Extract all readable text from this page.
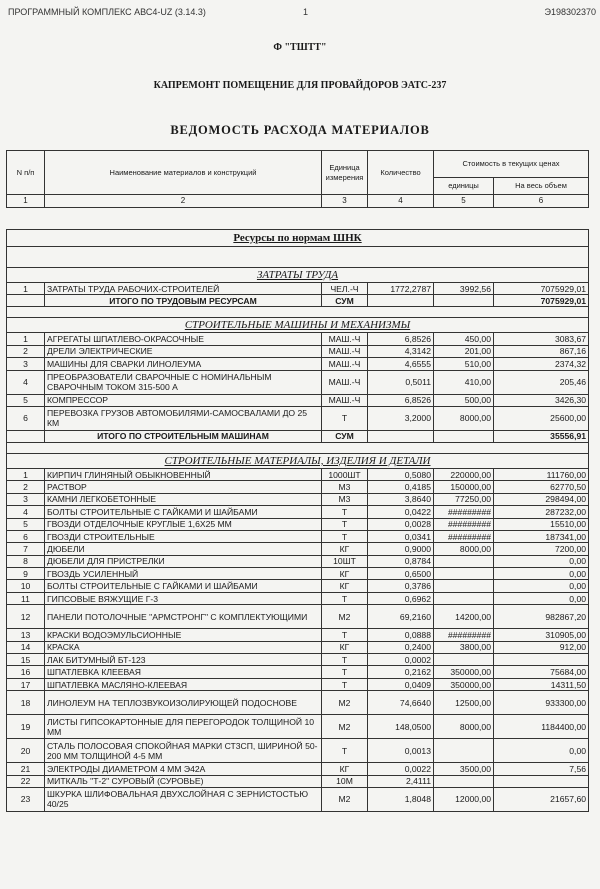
ПРОГРАММНЫЙ КОМПЛЕКС АВС4-UZ (3.14.3)	1	Э198302370
Ф "ТШТТ"
КАПРЕМОНТ ПОМЕЩЕНИЕ ДЛЯ ПРОВАЙДОРОВ ЭАТС-237
ВЕДОМОСТЬ РАСХОДА МАТЕРИАЛОВ
N п/п	Наименование материалов и конструкций	Единица измерения	Количество	Стоимость в текущих ценах	
				единицы	На весь объем
1	2	3	4	5	6
Ресурсы по нормам ШНК					

ЗАТРАТЫ ТРУДА					
1	ЗАТРАТЫ ТРУДА РАБОЧИХ-СТРОИТЕЛЕЙ	ЧЕЛ.-Ч	1772,2787	3992,56	7075929,01
	ИТОГО ПО ТРУДОВЫМ РЕСУРСАМ	СУМ			7075929,01

СТРОИТЕЛЬНЫЕ МАШИНЫ И МЕХАНИЗМЫ					
1	АГРЕГАТЫ ШПАТЛЕВО-ОКРАСОЧНЫЕ	МАШ.-Ч	6,8526	450,00	3083,67
2	ДРЕЛИ ЭЛЕКТРИЧЕСКИЕ	МАШ.-Ч	4,3142	201,00	867,16
3	МАШИНЫ ДЛЯ СВАРКИ ЛИНОЛЕУМА	МАШ.-Ч	4,6555	510,00	2374,32
4	ПРЕОБРАЗОВАТЕЛИ СВАРОЧНЫЕ С НОМИНАЛЬНЫМ СВАРОЧНЫМ ТОКОМ 315-500 А	МАШ.-Ч	0,5011	410,00	205,46
5	КОМПРЕССОР	МАШ.-Ч	6,8526	500,00	3426,30
6	ПЕРЕВОЗКА ГРУЗОВ АВТОМОБИЛЯМИ-САМОСВАЛАМИ ДО 25 КМ	Т	3,2000	8000,00	25600,00
	ИТОГО ПО СТРОИТЕЛЬНЫМ МАШИНАМ	СУМ			35556,91

СТРОИТЕЛЬНЫЕ МАТЕРИАЛЫ, ИЗДЕЛИЯ И ДЕТАЛИ					
1	КИРПИЧ ГЛИНЯНЫЙ ОБЫКНОВЕННЫЙ	1000ШТ	0,5080	220000,00	111760,00
2	РАСТВОР	М3	0,4185	150000,00	62770,50
3	КАМНИ ЛЕГКОБЕТОННЫЕ	М3	3,8640	77250,00	298494,00
4	БОЛТЫ СТРОИТЕЛЬНЫЕ С ГАЙКАМИ И ШАЙБАМИ	Т	0,0422	#########	287232,00
5	ГВОЗДИ ОТДЕЛОЧНЫЕ КРУГЛЫЕ 1,6Х25 ММ	Т	0,0028	#########	15510,00
6	ГВОЗДИ СТРОИТЕЛЬНЫЕ	Т	0,0341	#########	187341,00
7	ДЮБЕЛИ	КГ	0,9000	8000,00	7200,00
8	ДЮБЕЛИ ДЛЯ ПРИСТРЕЛКИ	10ШТ	0,8784		0,00
9	ГВОЗДЬ УСИЛЕННЫЙ	КГ	0,6500		0,00
10	БОЛТЫ СТРОИТЕЛЬНЫЕ С ГАЙКАМИ И ШАЙБАМИ	КГ	0,3786		0,00
11	ГИПСОВЫЕ ВЯЖУЩИЕ Г-3	Т	0,6962		0,00
12	ПАНЕЛИ ПОТОЛОЧНЫЕ "АРМСТРОНГ" С КОМПЛЕКТУЮЩИМИ	М2	69,2160	14200,00	982867,20
13	КРАСКИ ВОДОЭМУЛЬСИОННЫЕ	Т	0,0888	#########	310905,00
14	КРАСКА	КГ	0,2400	3800,00	912,00
15	ЛАК БИТУМНЫЙ БТ-123	Т	0,0002		
16	ШПАТЛЕВКА КЛЕЕВАЯ	Т	0,2162	350000,00	75684,00
17	ШПАТЛЕВКА МАСЛЯНО-КЛЕЕВАЯ	Т	0,0409	350000,00	14311,50
18	ЛИНОЛЕУМ НА ТЕПЛОЗВУКОИЗОЛИРУЮЩЕЙ ПОДОСНОВЕ	М2	74,6640	12500,00	933300,00
19	ЛИСТЫ ГИПСОКАРТОННЫЕ ДЛЯ ПЕРЕГОРОДОК ТОЛЩИНОЙ 10 ММ	М2	148,0500	8000,00	1184400,00
20	СТАЛЬ ПОЛОСОВАЯ СПОКОЙНАЯ МАРКИ СТ3СП, ШИРИНОЙ 50-200 ММ ТОЛЩИНОЙ 4-5 ММ	Т	0,0013		0,00
21	ЭЛЕКТРОДЫ ДИАМЕТРОМ 4 ММ Э42А	КГ	0,0022	3500,00	7,56
22	МИТКАЛЬ "Т-2" СУРОВЫЙ (СУРОВЬЕ)	10М	2,4111		
23	ШКУРКА ШЛИФОВАЛЬНАЯ ДВУХСЛОЙНАЯ С ЗЕРНИСТОСТЬЮ 40/25	М2	1,8048	12000,00	21657,60
